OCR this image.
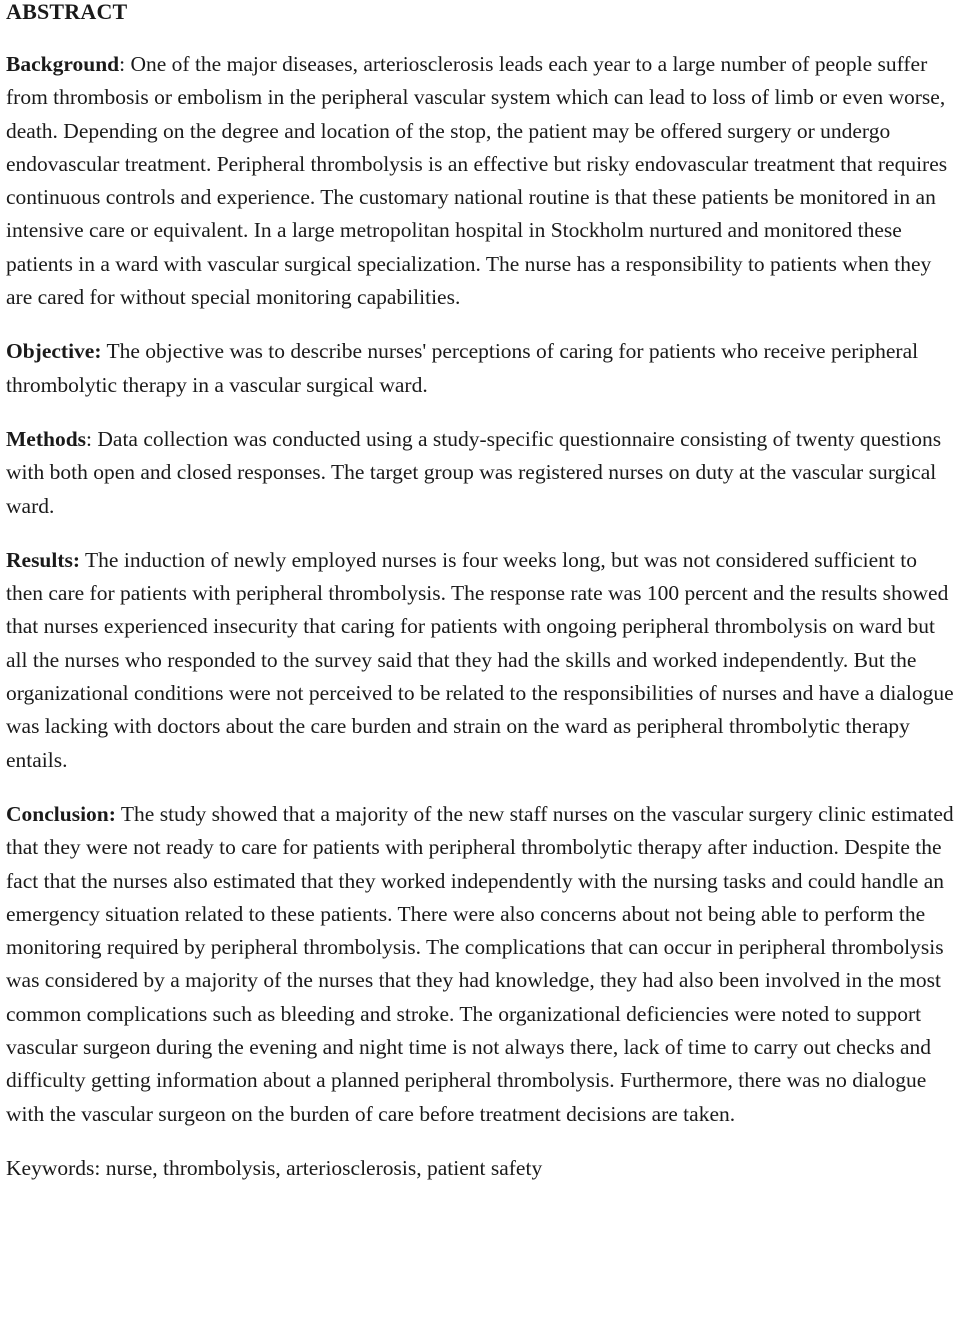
ABSTRACT

Background: One of the major diseases, arteriosclerosis leads each year to a large number of people suffer from thrombosis or embolism in the peripheral vascular system which can lead to loss of limb or even worse, death. Depending on the degree and location of the stop, the patient may be offered surgery or undergo endovascular treatment. Peripheral thrombolysis is an effective but risky endovascular treatment that requires continuous controls and experience. The customary national routine is that these patients be monitored in an intensive care or equivalent. In a large metropolitan hospital in Stockholm nurtured and monitored these patients in a ward with vascular surgical specialization. The nurse has a responsibility to patients when they are cared for without special monitoring capabilities.

Objective: The objective was to describe nurses' perceptions of caring for patients who receive peripheral thrombolytic therapy in a vascular surgical ward.

Methods: Data collection was conducted using a study-specific questionnaire consisting of twenty questions with both open and closed responses. The target group was registered nurses on duty at the vascular surgical ward.

Results: The induction of newly employed nurses is four weeks long, but was not considered sufficient to then care for patients with peripheral thrombolysis. The response rate was 100 percent and the results showed that nurses experienced insecurity that caring for patients with ongoing peripheral thrombolysis on ward but all the nurses who responded to the survey said that they had the skills and worked independently. But the organizational conditions were not perceived to be related to the responsibilities of nurses and have a dialogue was lacking with doctors about the care burden and strain on the ward as peripheral thrombolytic therapy entails.

Conclusion: The study showed that a majority of the new staff nurses on the vascular surgery clinic estimated that they were not ready to care for patients with peripheral thrombolytic therapy after induction. Despite the fact that the nurses also estimated that they worked independently with the nursing tasks and could handle an emergency situation related to these patients. There were also concerns about not being able to perform the monitoring required by peripheral thrombolysis. The complications that can occur in peripheral thrombolysis was considered by a majority of the nurses that they had knowledge, they had also been involved in the most common complications such as bleeding and stroke. The organizational deficiencies were noted to support vascular surgeon during the evening and night time is not always there, lack of time to carry out checks and difficulty getting information about a planned peripheral thrombolysis. Furthermore, there was no dialogue with the vascular surgeon on the burden of care before treatment decisions are taken.

Keywords: nurse, thrombolysis, arteriosclerosis, patient safety
